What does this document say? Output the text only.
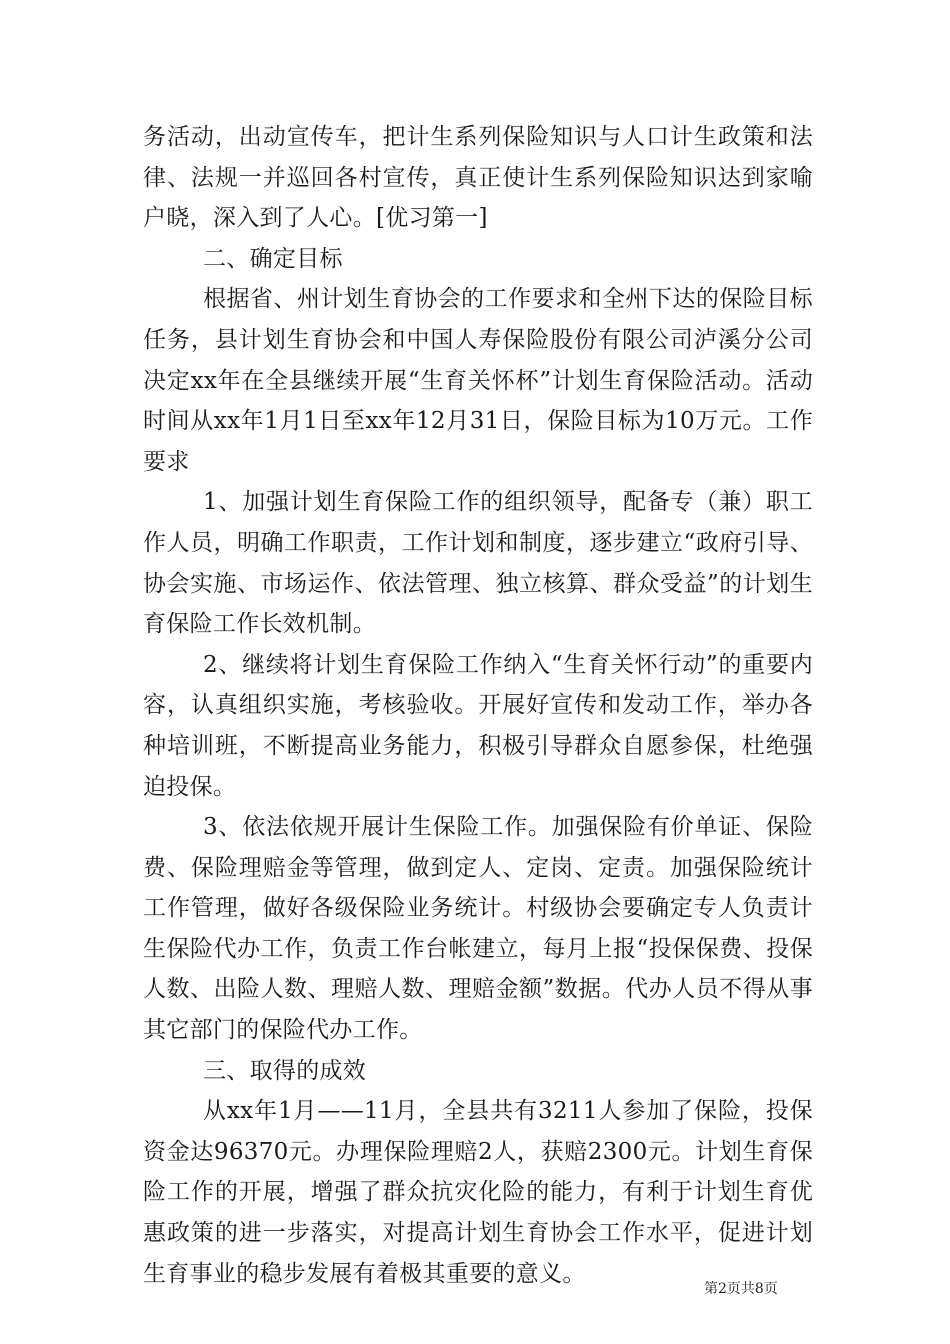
务活动，出动宣传车，把计生系列保险知识与人口计生政策和法律、法规一并巡回各村宣传，真正使计生系列保险知识达到家喻户晓，深入到了人心。[优习第一]

二、确定目标

根据省、州计划生育协会的工作要求和全州下达的保险目标任务，县计划生育协会和中国人寿保险股份有限公司泸溪分公司决定xx年在全县继续开展“生育关怀杯”计划生育保险活动。活动时间从xx年1月1日至xx年12月31日，保险目标为10万元。工作要求

1、加强计划生育保险工作的组织领导，配备专（兼）职工作人员，明确工作职责，工作计划和制度，逐步建立“政府引导、协会实施、市场运作、依法管理、独立核算、群众受益”的计划生育保险工作长效机制。

2、继续将计划生育保险工作纳入“生育关怀行动”的重要内容，认真组织实施，考核验收。开展好宣传和发动工作，举办各种培训班，不断提高业务能力，积极引导群众自愿参保，杜绝强迫投保。

3、依法依规开展计生保险工作。加强保险有价单证、保险费、保险理赔金等管理，做到定人、定岗、定责。加强保险统计工作管理，做好各级保险业务统计。村级协会要确定专人负责计生保险代办工作，负责工作台帐建立，每月上报“投保保费、投保人数、出险人数、理赔人数、理赔金额”数据。代办人员不得从事其它部门的保险代办工作。

三、取得的成效

从xx年1月——11月，全县共有3211人参加了保险，投保资金达96370元。办理保险理赔2人，获赔2300元。计划生育保险工作的开展，增强了群众抗灾化险的能力，有利于计划生育优惠政策的进一步落实，对提高计划生育协会工作水平，促进计划生育事业的稳步发展有着极其重要的意义。

第2页共8页
